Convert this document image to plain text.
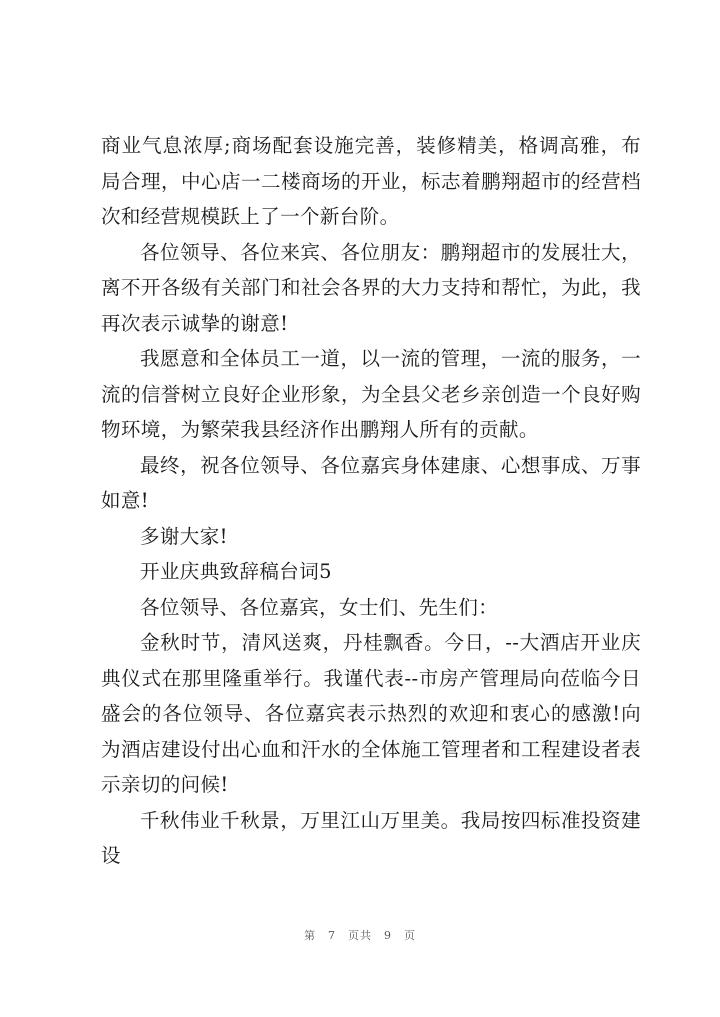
商业气息浓厚;商场配套设施完善，装修精美，格调高雅，布局合理，中心店一二楼商场的开业，标志着鹏翔超市的经营档次和经营规模跃上了一个新台阶。

各位领导、各位来宾、各位朋友：鹏翔超市的发展壮大，离不开各级有关部门和社会各界的大力支持和帮忙，为此，我再次表示诚挚的谢意!

我愿意和全体员工一道，以一流的管理，一流的服务，一流的信誉树立良好企业形象，为全县父老乡亲创造一个良好购物环境，为繁荣我县经济作出鹏翔人所有的贡献。

最终，祝各位领导、各位嘉宾身体建康、心想事成、万事如意!

多谢大家!

开业庆典致辞稿台词5

各位领导、各位嘉宾，女士们、先生们：

金秋时节，清风送爽，丹桂飘香。今日，--大酒店开业庆典仪式在那里隆重举行。我谨代表--市房产管理局向莅临今日盛会的各位领导、各位嘉宾表示热烈的欢迎和衷心的感激!向为酒店建设付出心血和汗水的全体施工管理者和工程建设者表示亲切的问候!

千秋伟业千秋景，万里江山万里美。我局按四标准投资建设

第 7 页共 9 页
